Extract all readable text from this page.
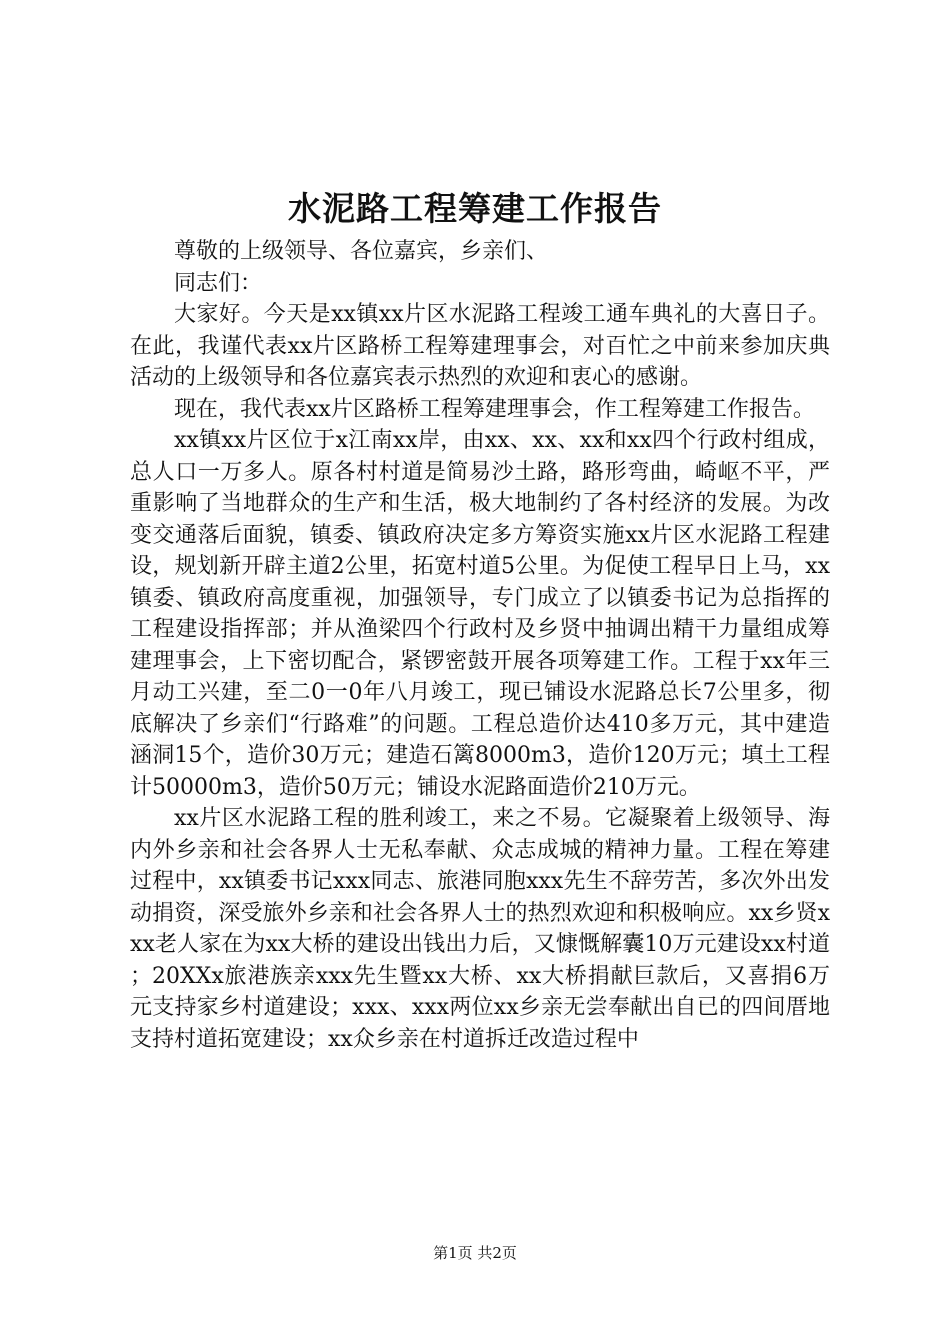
水泥路工程筹建工作报告

尊敬的上级领导、各位嘉宾，乡亲们、

同志们：

大家好。今天是xx镇xx片区水泥路工程竣工通车典礼的大喜日子。在此，我谨代表xx片区路桥工程筹建理事会，对百忙之中前来参加庆典活动的上级领导和各位嘉宾表示热烈的欢迎和衷心的感谢。

现在，我代表xx片区路桥工程筹建理事会，作工程筹建工作报告。

xx镇xx片区位于x江南xx岸，由xx、xx、xx和xx四个行政村组成，总人口一万多人。原各村村道是简易沙土路，路形弯曲，崎岖不平，严重影响了当地群众的生产和生活，极大地制约了各村经济的发展。为改变交通落后面貌，镇委、镇政府决定多方筹资实施xx片区水泥路工程建设，规划新开辟主道2公里，拓宽村道5公里。为促使工程早日上马，xx镇委、镇政府高度重视，加强领导，专门成立了以镇委书记为总指挥的工程建设指挥部；并从渔梁四个行政村及乡贤中抽调出精干力量组成筹建理事会，上下密切配合，紧锣密鼓开展各项筹建工作。工程于xx年三月动工兴建，至二0一0年八月竣工，现已铺设水泥路总长7公里多，彻底解决了乡亲们“行路难”的问题。工程总造价达410多万元，其中建造涵洞15个，造价30万元；建造石篱8000m3，造价120万元；填土工程计50000m3，造价50万元；铺设水泥路面造价210万元。

xx片区水泥路工程的胜利竣工，来之不易。它凝聚着上级领导、海内外乡亲和社会各界人士无私奉献、众志成城的精神力量。工程在筹建过程中，xx镇委书记xxx同志、旅港同胞xxx先生不辞劳苦，多次外出发动捐资，深受旅外乡亲和社会各界人士的热烈欢迎和积极响应。xx乡贤xxx老人家在为xx大桥的建设出钱出力后，又慷慨解囊10万元建设xx村道；20XXx旅港族亲xxx先生暨xx大桥、xx大桥捐献巨款后，又喜捐6万元支持家乡村道建设；xxx、xxx两位xx乡亲无尝奉献出自已的四间厝地支持村道拓宽建设；xx众乡亲在村道拆迁改造过程中

第1页 共2页
